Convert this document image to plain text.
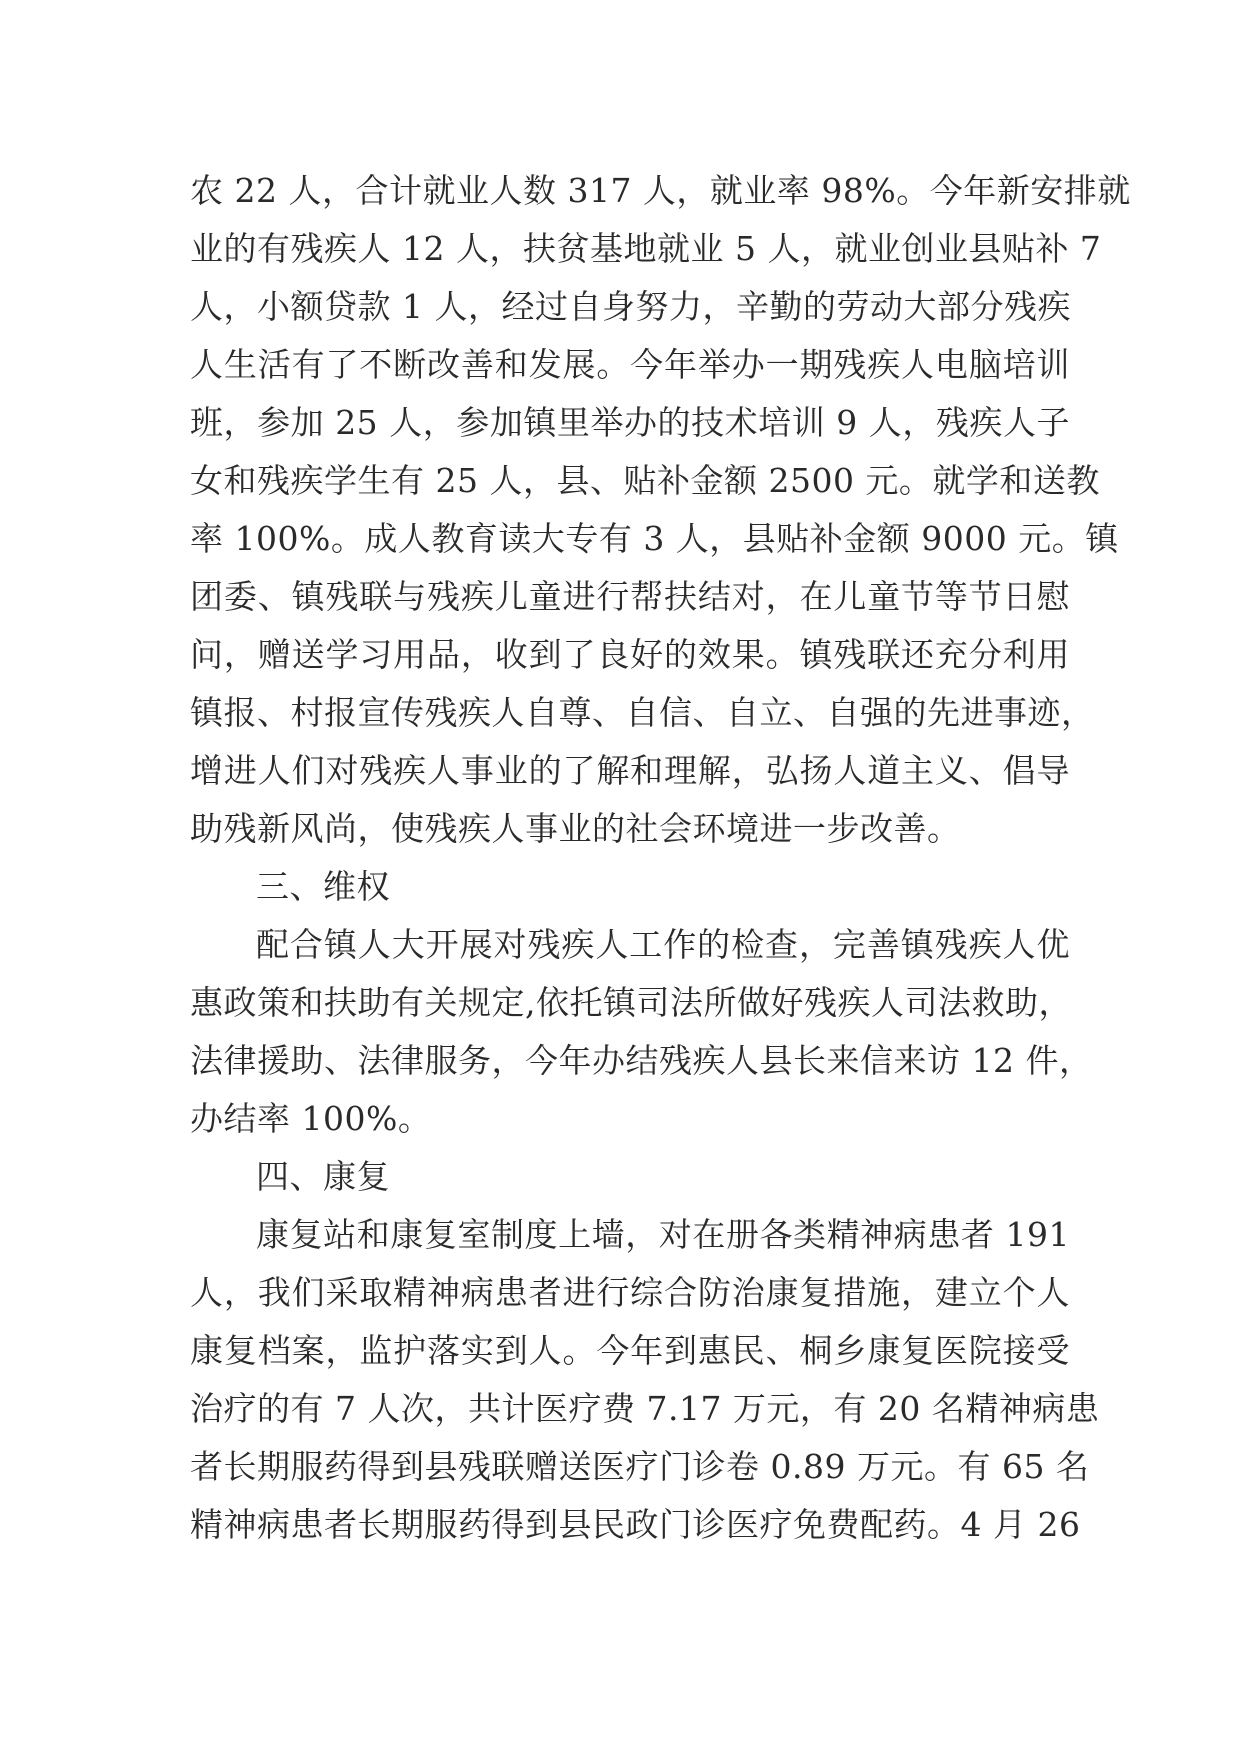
农 22 人，合计就业人数 317 人，就业率 98%。今年新安排就
业的有残疾人 12 人，扶贫基地就业 5 人，就业创业县贴补 7
人，小额贷款 1 人，经过自身努力，辛勤的劳动大部分残疾
人生活有了不断改善和发展。今年举办一期残疾人电脑培训
班，参加 25 人，参加镇里举办的技术培训 9 人，残疾人子
女和残疾学生有 25 人，县、贴补金额 2500 元。就学和送教
率 100%。成人教育读大专有 3 人，县贴补金额 9000 元。镇
团委、镇残联与残疾儿童进行帮扶结对，在儿童节等节日慰
问，赠送学习用品，收到了良好的效果。镇残联还充分利用
镇报、村报宣传残疾人自尊、自信、自立、自强的先进事迹，
增进人们对残疾人事业的了解和理解，弘扬人道主义、倡导
助残新风尚，使残疾人事业的社会环境进一步改善。
三、维权
配合镇人大开展对残疾人工作的检查，完善镇残疾人优
惠政策和扶助有关规定,依托镇司法所做好残疾人司法救助，
法律援助、法律服务，今年办结残疾人县长来信来访 12 件，
办结率 100%。
四、康复
康复站和康复室制度上墙，对在册各类精神病患者 191
人，我们采取精神病患者进行综合防治康复措施，建立个人
康复档案，监护落实到人。今年到惠民、桐乡康复医院接受
治疗的有 7 人次，共计医疗费 7.17 万元，有 20 名精神病患
者长期服药得到县残联赠送医疗门诊卷 0.89 万元。有 65 名
精神病患者长期服药得到县民政门诊医疗免费配药。4 月 26
